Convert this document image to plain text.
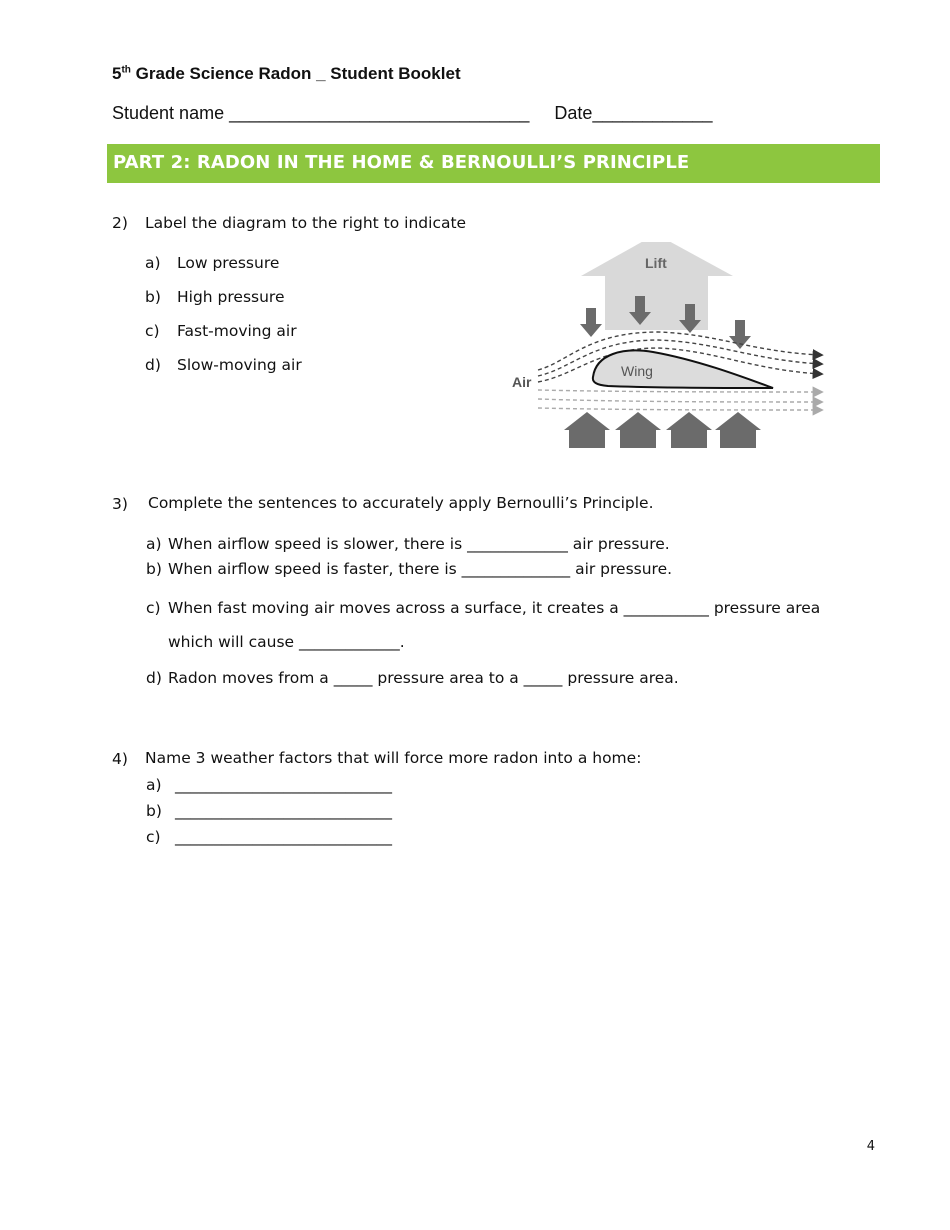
5th Grade Science Radon _ Student Booklet
Student name ______________________________ Date____________
PART 2: RADON IN THE HOME & BERNOULLI’S PRINCIPLE
2) Label the diagram to the right to indicate
a) Low pressure
b) High pressure
c) Fast-moving air
d) Slow-moving air
Lift
Wing
Air
3) Complete the sentences to accurately apply Bernoulli’s Principle.
a) When airflow speed is slower, there is _____________ air pressure.
b) When airflow speed is faster, there is ______________ air pressure.
c) When fast moving air moves across a surface, it creates a ___________ pressure area
which will cause _____________.
d) Radon moves from a _____ pressure area to a _____ pressure area.
4) Name 3 weather factors that will force more radon into a home:
a) ____________________________
b) ____________________________
c) ____________________________
4
